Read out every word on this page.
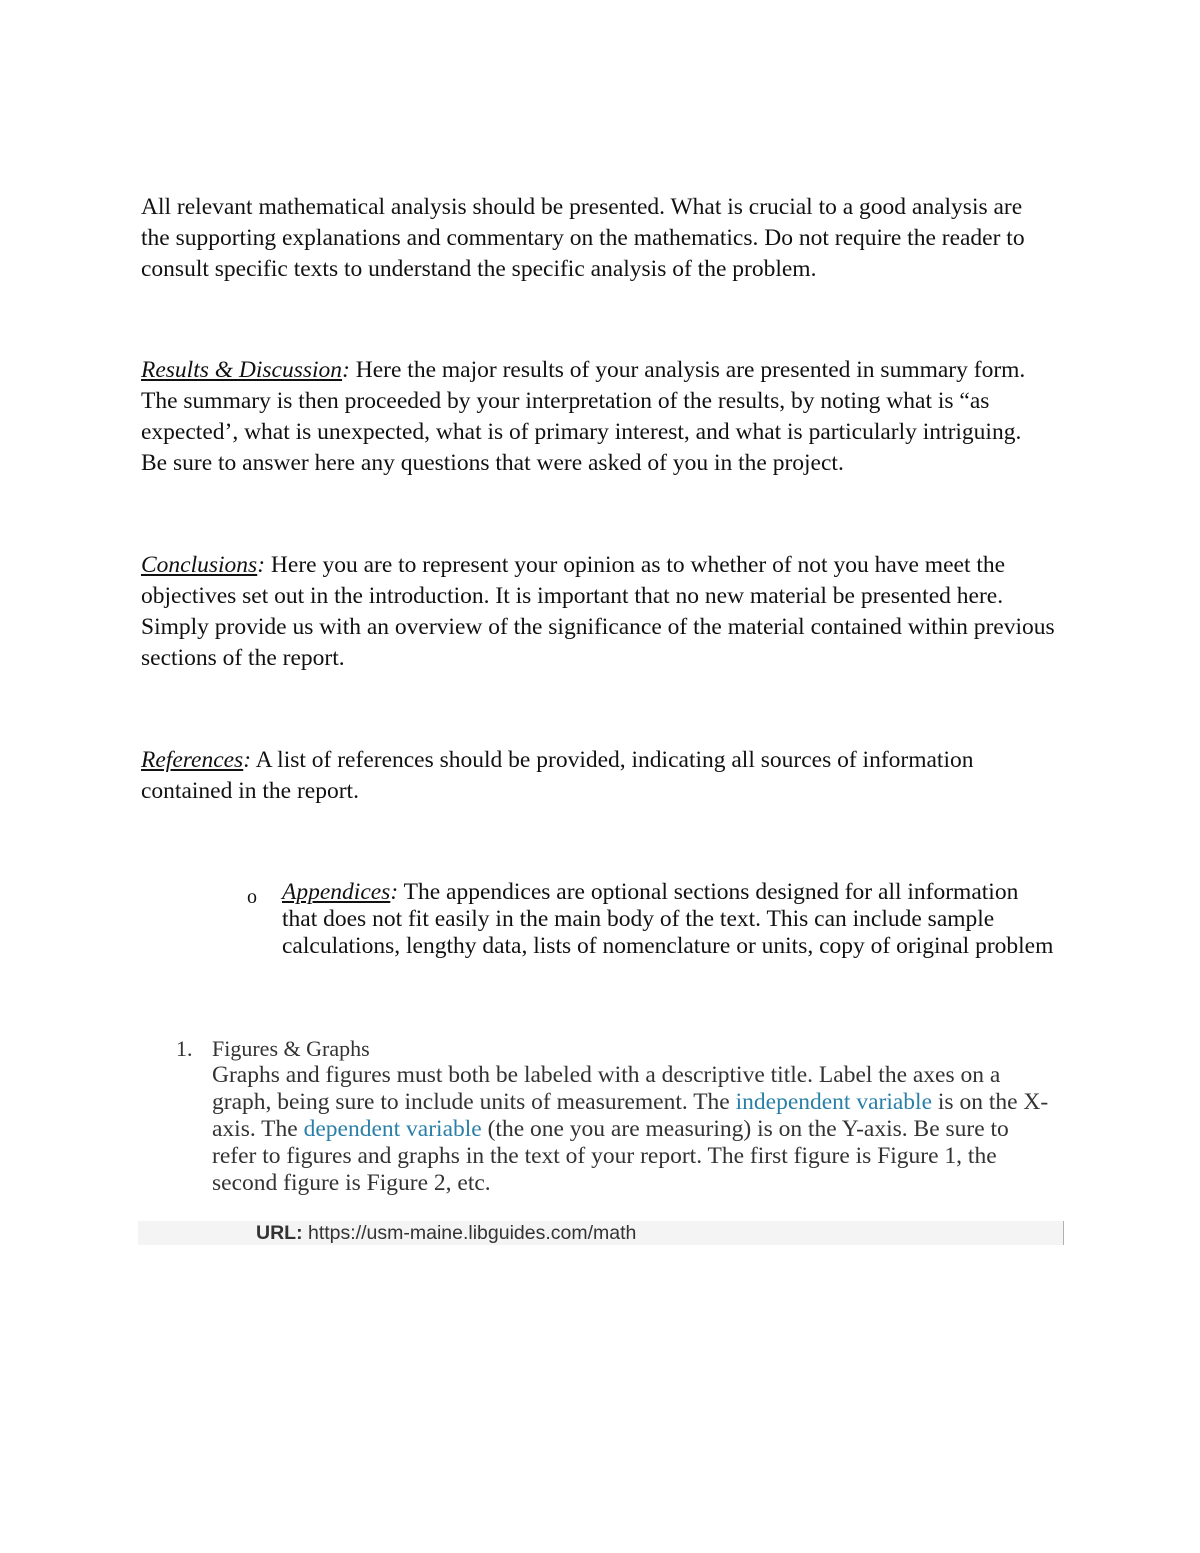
All relevant mathematical analysis should be presented. What is crucial to a good analysis are
the supporting explanations and commentary on the mathematics. Do not require the reader to
consult specific texts to understand the specific analysis of the problem.
Results & Discussion: Here the major results of your analysis are presented in summary form.
The summary is then proceeded by your interpretation of the results, by noting what is “as
expected’, what is unexpected, what is of primary interest, and what is particularly intriguing.
Be sure to answer here any questions that were asked of you in the project.
Conclusions: Here you are to represent your opinion as to whether of not you have meet the
objectives set out in the introduction. It is important that no new material be presented here.
Simply provide us with an overview of the significance of the material contained within previous
sections of the report.
References: A list of references should be provided, indicating all sources of information
contained in the report.
o Appendices: The appendices are optional sections designed for all information
that does not fit easily in the main body of the text. This can include sample
calculations, lengthy data, lists of nomenclature or units, copy of original problem
1. Figures & Graphs
Graphs and figures must both be labeled with a descriptive title. Label the axes on a
graph, being sure to include units of measurement. The independent variable is on the X-
axis. The dependent variable (the one you are measuring) is on the Y-axis. Be sure to
refer to figures and graphs in the text of your report. The first figure is Figure 1, the
second figure is Figure 2, etc.
URL: https://usm-maine.libguides.com/math
